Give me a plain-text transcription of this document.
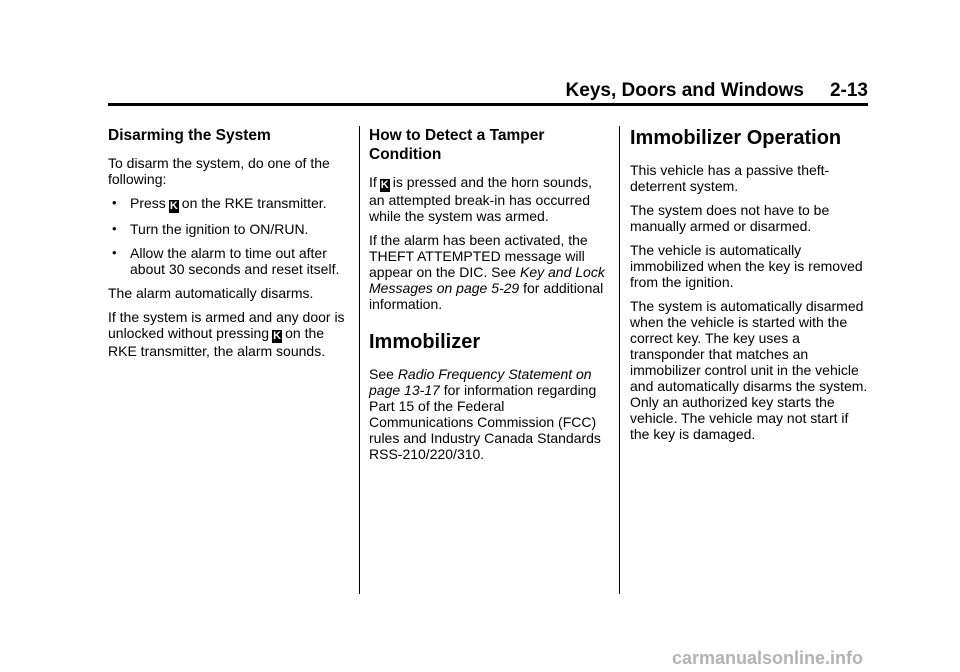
Keys, Doors and Windows 2-13
Disarming the System

To disarm the system, do one of the following:

• Press K on the RKE transmitter.
• Turn the ignition to ON/RUN.
• Allow the alarm to time out after about 30 seconds and reset itself.

The alarm automatically disarms.

If the system is armed and any door is unlocked without pressing K on the RKE transmitter, the alarm sounds.

How to Detect a Tamper Condition

If K is pressed and the horn sounds, an attempted break-in has occurred while the system was armed.

If the alarm has been activated, the THEFT ATTEMPTED message will appear on the DIC. See Key and Lock Messages on page 5-29 for additional information.

Immobilizer

See Radio Frequency Statement on page 13-17 for information regarding Part 15 of the Federal Communications Commission (FCC) rules and Industry Canada Standards RSS-210/220/310.

Immobilizer Operation

This vehicle has a passive theft-deterrent system.

The system does not have to be manually armed or disarmed.

The vehicle is automatically immobilized when the key is removed from the ignition.

The system is automatically disarmed when the vehicle is started with the correct key. The key uses a transponder that matches an immobilizer control unit in the vehicle and automatically disarms the system. Only an authorized key starts the vehicle. The vehicle may not start if the key is damaged.

carmanualsonline.info
